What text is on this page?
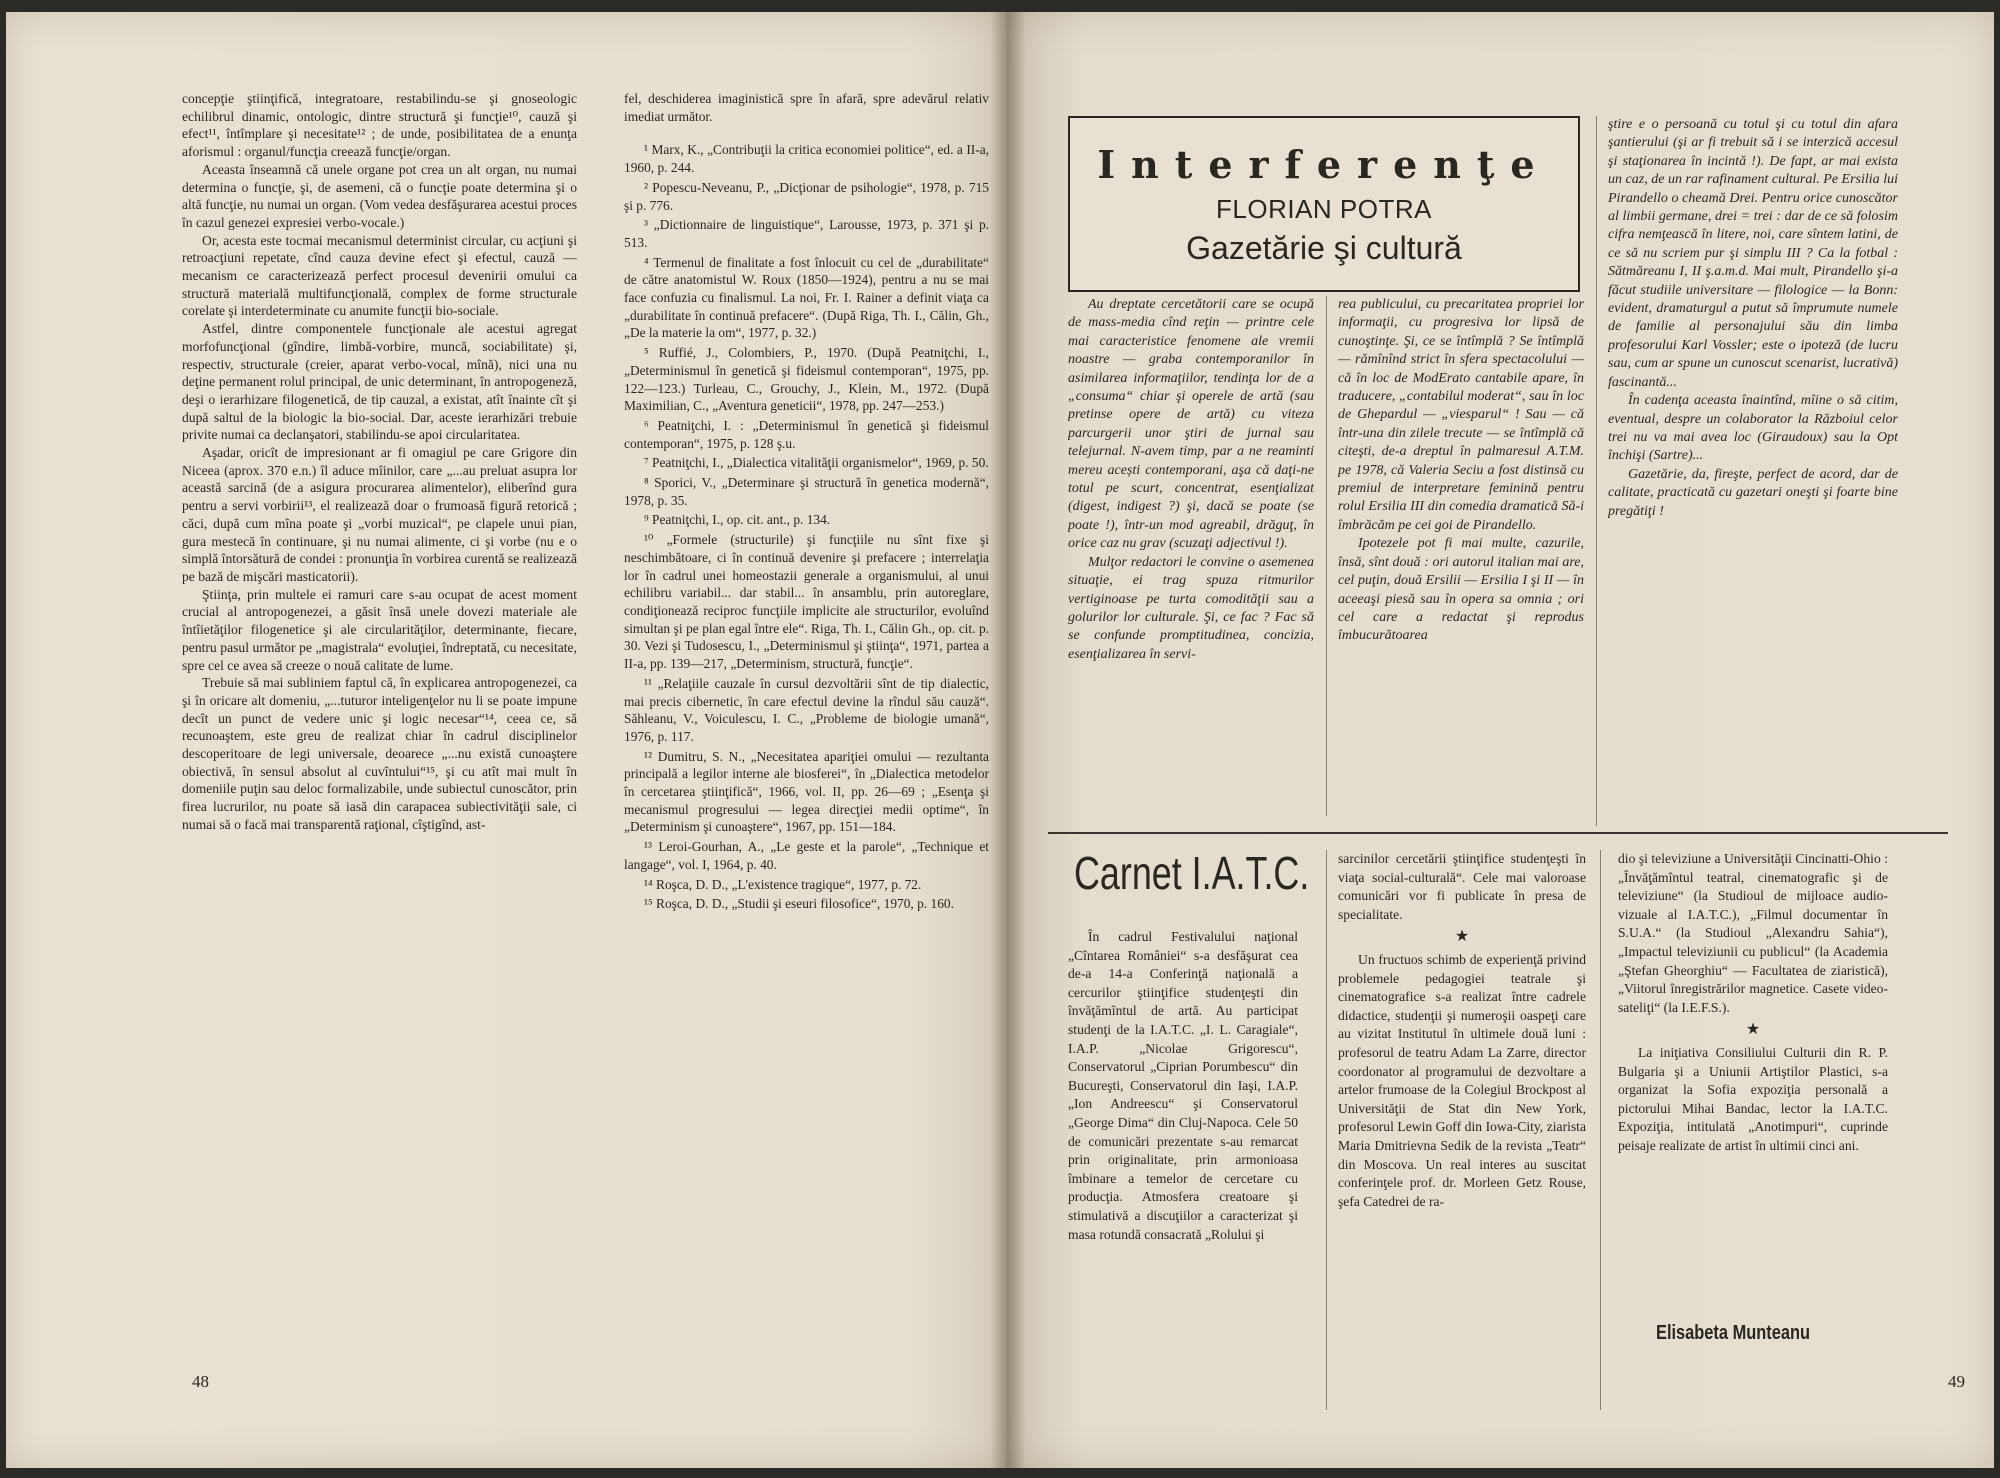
concepţie ştiinţifică, integratoare, restabilindu-se şi gnoseologic echilibrul dinamic, ontologic, dintre structură şi funcţie¹⁰, cauză şi efect¹¹, întîmplare şi necesitate¹² ; de unde, posibilitatea de a enunţa aforismul : organul/funcţia creează funcţie/organ.

Aceasta înseamnă că unele organe pot crea un alt organ, nu numai determina o funcţie, şi, de asemeni, că o funcţie poate determina şi o altă funcţie, nu numai un organ. (Vom vedea desfăşurarea acestui proces în cazul genezei expresiei verbo-vocale.)

Or, acesta este tocmai mecanismul determinist circular, cu acţiuni şi retroacţiuni repetate, cînd cauza devine efect şi efectul, cauză — mecanism ce caracterizează perfect procesul devenirii omului ca structură materială multifuncţională, complex de forme structurale corelate şi interdeterminate cu anumite funcţii bio-sociale.

Astfel, dintre componentele funcţionale ale acestui agregat morfofuncţional (gîndire, limbă-vorbire, muncă, sociabilitate) şi, respectiv, structurale (creier, aparat verbo-vocal, mînă), nici una nu deţine permanent rolul principal, de unic determinant, în antropogeneză, deşi o ierarhizare filogenetică, de tip cauzal, a existat, atît înainte cît şi după saltul de la biologic la bio-social. Dar, aceste ierarhizări trebuie privite numai ca declanşatori, stabilindu-se apoi circularitatea.

Aşadar, oricît de impresionant ar fi omagiul pe care Grigore din Niceea (aprox. 370 e.n.) îl aduce mîinilor, care „...au preluat asupra lor această sarcină (de a asigura procurarea alimentelor), eliberînd gura pentru a servi vorbirii¹³, el realizează doar o frumoasă figură retorică ; căci, după cum mîna poate şi „vorbi muzical“, pe clapele unui pian, gura mestecă în continuare, şi nu numai alimente, ci şi vorbe (nu e o simplă întorsătură de condei : pronunţia în vorbirea curentă se realizează pe bază de mişcări masticatorii).

Ştiinţa, prin multele ei ramuri care s-au ocupat de acest moment crucial al antropogenezei, a găsit însă unele dovezi materiale ale întîietăţilor filogenetice şi ale circularităţilor, determinante, fiecare, pentru pasul următor pe „magistrala“ evoluţiei, îndreptată, cu necesitate, spre cel ce avea să creeze o nouă calitate de lume.

Trebuie să mai subliniem faptul că, în explicarea antropogenezei, ca şi în oricare alt domeniu, „...tuturor inteligenţelor nu li se poate impune decît un punct de vedere unic şi logic necesar“¹⁴, ceea ce, să recunoaştem, este greu de realizat chiar în cadrul disciplinelor descoperitoare de legi universale, deoarece „...nu există cunoaştere obiectivă, în sensul absolut al cuvîntului“¹⁵, şi cu atît mai mult în domeniile puţin sau deloc formalizabile, unde subiectul cunoscător, prin firea lucrurilor, nu poate să iasă din carapacea subiectivităţii sale, ci numai să o facă mai transparentă raţional, cîştigînd, ast-

fel, deschiderea imaginistică spre în afară, spre adevărul relativ imediat următor.

¹ Marx, K., „Contribuţii la critica economiei politice“, ed. a II-a, 1960, p. 244.

² Popescu-Neveanu, P., „Dicţionar de psihologie“, 1978, p. 715 şi p. 776.

³ „Dictionnaire de linguistique“, Larousse, 1973, p. 371 şi p. 513.

⁴ Termenul de finalitate a fost înlocuit cu cel de „durabilitate“ de către anatomistul W. Roux (1850—1924), pentru a nu se mai face confuzia cu finalismul. La noi, Fr. I. Rainer a definit viaţa ca „durabilitate în continuă prefacere“. (După Riga, Th. I., Călin, Gh., „De la materie la om“, 1977, p. 32.)

⁵ Ruffié, J., Colombiers, P., 1970. (După Peatniţchi, I., „Determinismul în genetică şi fideismul contemporan“, 1975, pp. 122—123.) Turleau, C., Grouchy, J., Klein, M., 1972. (După Maximilian, C., „Aventura geneticii“, 1978, pp. 247—253.)

⁶ Peatniţchi, I. : „Determinismul în genetică şi fideismul contemporan“, 1975, p. 128 ş.u.

⁷ Peatniţchi, I., „Dialectica vitalităţii organismelor“, 1969, p. 50.

⁸ Sporici, V., „Determinare şi structură în genetica modernă“, 1978, p. 35.

⁹ Peatniţchi, I., op. cit. ant., p. 134.

¹⁰ „Formele (structurile) şi funcţiile nu sînt fixe şi neschimbătoare, ci în continuă devenire şi prefacere ; interrelaţia lor în cadrul unei homeostazii generale a organismului, al unui echilibru variabil... dar stabil... în ansamblu, prin autoreglare, condiţionează reciproc funcţiile implicite ale structurilor, evoluînd simultan şi pe plan egal între ele“. Riga, Th. I., Călin Gh., op. cit. p. 30. Vezi şi Tudosescu, I., „Determinismul şi ştiinţa“, 1971, partea a II-a, pp. 139—217, „Determinism, structură, funcţie“.

¹¹ „Relaţiile cauzale în cursul dezvoltării sînt de tip dialectic, mai precis cibernetic, în care efectul devine la rîndul său cauză“. Săhleanu, V., Voiculescu, I. C., „Probleme de biologie umană“, 1976, p. 117.

¹² Dumitru, S. N., „Necesitatea apariţiei omului — rezultanta principală a legilor interne ale biosferei“, în „Dialectica metodelor în cercetarea ştiinţifică“, 1966, vol. II, pp. 26—69 ; „Esenţa şi mecanismul progresului — legea direcţiei medii optime“, în „Determinism şi cunoaştere“, 1967, pp. 151—184.

¹³ Leroi-Gourhan, A., „Le geste et la parole“, „Technique et langage“, vol. I, 1964, p. 40.

¹⁴ Roşca, D. D., „L'existence tragique“, 1977, p. 72.

¹⁵ Roşca, D. D., „Studii şi eseuri filosofice“, 1970, p. 160.

48
Interferenţe
FLORIAN POTRA
Gazetărie şi cultură

Au dreptate cercetătorii care se ocupă de mass-media cînd reţin — printre cele mai caracteristice fenomene ale vremii noastre — graba contemporanilor în asimilarea informaţiilor, tendinţa lor de a „consuma“ chiar şi operele de artă (sau pretinse opere de artă) cu viteza parcurgerii unor ştiri de jurnal sau telejurnal. N-avem timp, par a ne reaminti mereu acești contemporani, aşa că daţi-ne totul pe scurt, concentrat, esenţializat (digest, indigest ?) şi, dacă se poate (se poate !), într-un mod agreabil, drăguţ, în orice caz nu grav (scuzaţi adjectivul !).

Mulţor redactori le convine o asemenea situaţie, ei trag spuza ritmurilor vertiginoase pe turta comodităţii sau a golurilor lor culturale. Şi, ce fac ? Fac să se confunde promptitudinea, concizia, esenţializarea în servi-

rea publicului, cu precaritatea propriei lor informaţii, cu progresiva lor lipsă de cunoştinţe. Şi, ce se întîmplă ? Se întîmplă — rămînînd strict în sfera spectacolului — că în loc de ModErato cantabile apare, în traducere, „contabilul moderat“, sau în loc de Ghepardul — „viesparul“ ! Sau — că într-una din zilele trecute — se întîmplă că citeşti, de-a dreptul în palmaresul A.T.M. pe 1978, că Valeria Seciu a fost distinsă cu premiul de interpretare feminină pentru rolul Ersilia III din comedia dramatică Să-i îmbrăcăm pe cei goi de Pirandello.

Ipotezele pot fi mai multe, cazurile, însă, sînt două : ori autorul italian mai are, cel puţin, două Ersilii — Ersilia I şi II — în aceeaşi piesă sau în opera sa omnia ; ori cel care a redactat şi reprodus îmbucurătoarea

ştire e o persoană cu totul şi cu totul din afara şantierului (şi ar fi trebuit să i se interzică accesul şi staţionarea în incintă !). De fapt, ar mai exista un caz, de un rar rafinament cultural. Pe Ersilia lui Pirandello o cheamă Drei. Pentru orice cunoscător al limbii germane, drei = trei : dar de ce să folosim cifra nemţească în litere, noi, care sîntem latini, de ce să nu scriem pur şi simplu III ? Ca la fotbal : Sătmăreanu I, II ş.a.m.d. Mai mult, Pirandello şi-a făcut studiile universitare — filologice — la Bonn: evident, dramaturgul a putut să împrumute numele de familie al personajului său din limba profesorului Karl Vossler; este o ipoteză (de lucru sau, cum ar spune un cunoscut scenarist, lucrativă) fascinantă...

În cadenţa aceasta înaintînd, mîine o să citim, eventual, despre un colaborator la Războiul celor trei nu va mai avea loc (Giraudoux) sau la Opt închişi (Sartre)...

Gazetărie, da, fireşte, perfect de acord, dar de calitate, practicată cu gazetari oneşti şi foarte bine pregătiţi !

Carnet I.A.T.C.

În cadrul Festivalului naţional „Cîntarea României“ s-a desfăşurat cea de-a 14-a Conferinţă naţională a cercurilor ştiinţifice studenţeşti din învăţămîntul de artă. Au participat studenţi de la I.A.T.C. „I. L. Caragiale“, I.A.P. „Nicolae Grigorescu“, Conservatorul „Ciprian Porumbescu“ din Bucureşti, Conservatorul din Iaşi, I.A.P. „Ion Andreescu“ şi Conservatorul „George Dima“ din Cluj-Napoca. Cele 50 de comunicări prezentate s-au remarcat prin originalitate, prin armonioasa îmbinare a temelor de cercetare cu producţia. Atmosfera creatoare şi stimulativă a discuţiilor a caracterizat şi masa rotundă consacrată „Rolului şi

sarcinilor cercetării ştiinţifice studenţeşti în viaţa social-culturală“. Cele mai valoroase comunicări vor fi publicate în presa de specialitate.

★

Un fructuos schimb de experienţă privind problemele pedagogiei teatrale şi cinematografice s-a realizat între cadrele didactice, studenţii şi numeroşii oaspeţi care au vizitat Institutul în ultimele două luni : profesorul de teatru Adam La Zarre, director coordonator al programului de dezvoltare a artelor frumoase de la Colegiul Brockpost al Universităţii de Stat din New York, profesorul Lewin Goff din Iowa-City, ziarista Maria Dmitrievna Sedik de la revista „Teatr“ din Moscova. Un real interes au suscitat conferinţele prof. dr. Morleen Getz Rouse, şefa Catedrei de ra-

dio şi televiziune a Universităţii Cincinatti-Ohio : „Învăţămîntul teatral, cinematografic şi de televiziune“ (la Studioul de mijloace audio-vizuale al I.A.T.C.), „Filmul documentar în S.U.A.“ (la Studioul „Alexandru Sahia“), „Impactul televiziunii cu publicul“ (la Academia „Ştefan Gheorghiu“ — Facultatea de ziaristică), „Viitorul înregistrărilor magnetice. Casete video-sateliţi“ (la I.E.F.S.).

★

La iniţiativa Consiliului Culturii din R. P. Bulgaria şi a Uniunii Artiştilor Plastici, s-a organizat la Sofia expoziţia personală a pictorului Mihai Bandac, lector la I.A.T.C. Expoziţia, intitulată „Anotimpuri“, cuprinde peisaje realizate de artist în ultimii cinci ani.

Elisabeta Munteanu
49
